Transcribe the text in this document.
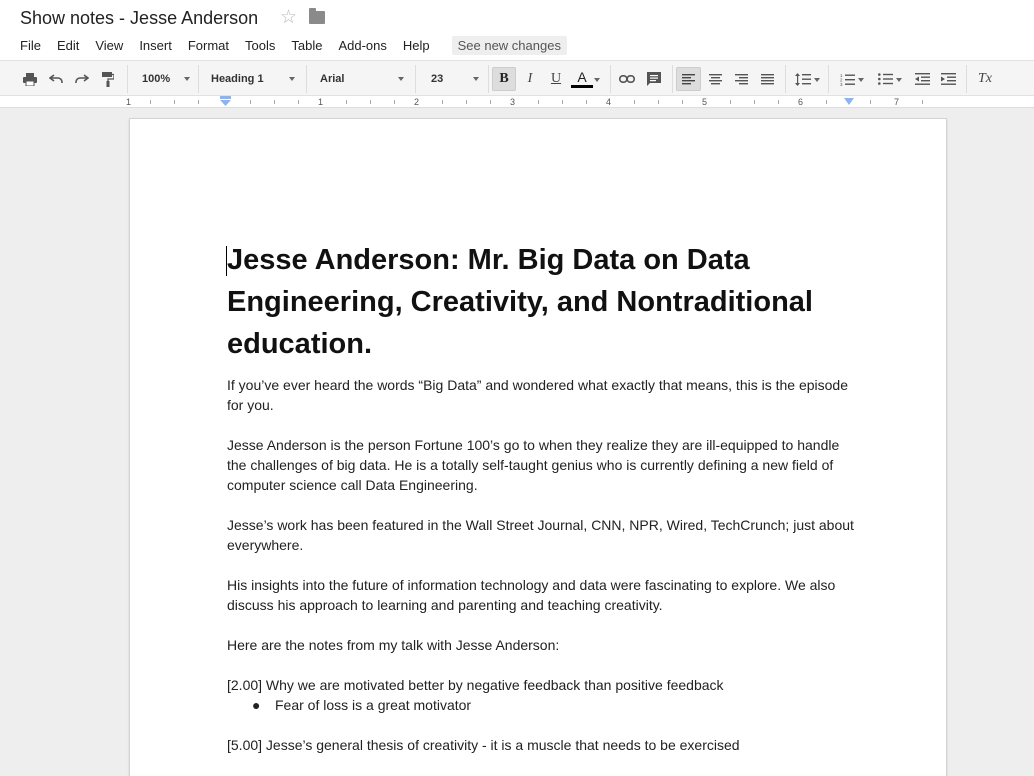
Show notes - Jesse Anderson ☆
File	Edit	View	Insert	Format	Tools	Table	Add-ons	Help	See new changes
100%	Heading 1	Arial	23	B	I	U	A	1
2
3	Tx
1	1	2	3	4	5	6	7
Jesse Anderson: Mr. Big Data on Data Engineering, Creativity, and Nontraditional education.

If you’ve ever heard the words “Big Data” and wondered what exactly that means, this is the episode for you.

Jesse Anderson is the person Fortune 100’s go to when they realize they are ill-equipped to handle the challenges of big data. He is a totally self-taught genius who is currently defining a new field of computer science call Data Engineering.

Jesse’s work has been featured in the Wall Street Journal, CNN, NPR, Wired, TechCrunch; just about everywhere.

His insights into the future of information technology and data were fascinating to explore. We also discuss his approach to learning and parenting and teaching creativity.

Here are the notes from my talk with Jesse Anderson:

[2.00] Why we are motivated better by negative feedback than positive feedback

●	Fear of loss is a great motivator

[5.00] Jesse’s general thesis of creativity - it is a muscle that needs to be exercised
